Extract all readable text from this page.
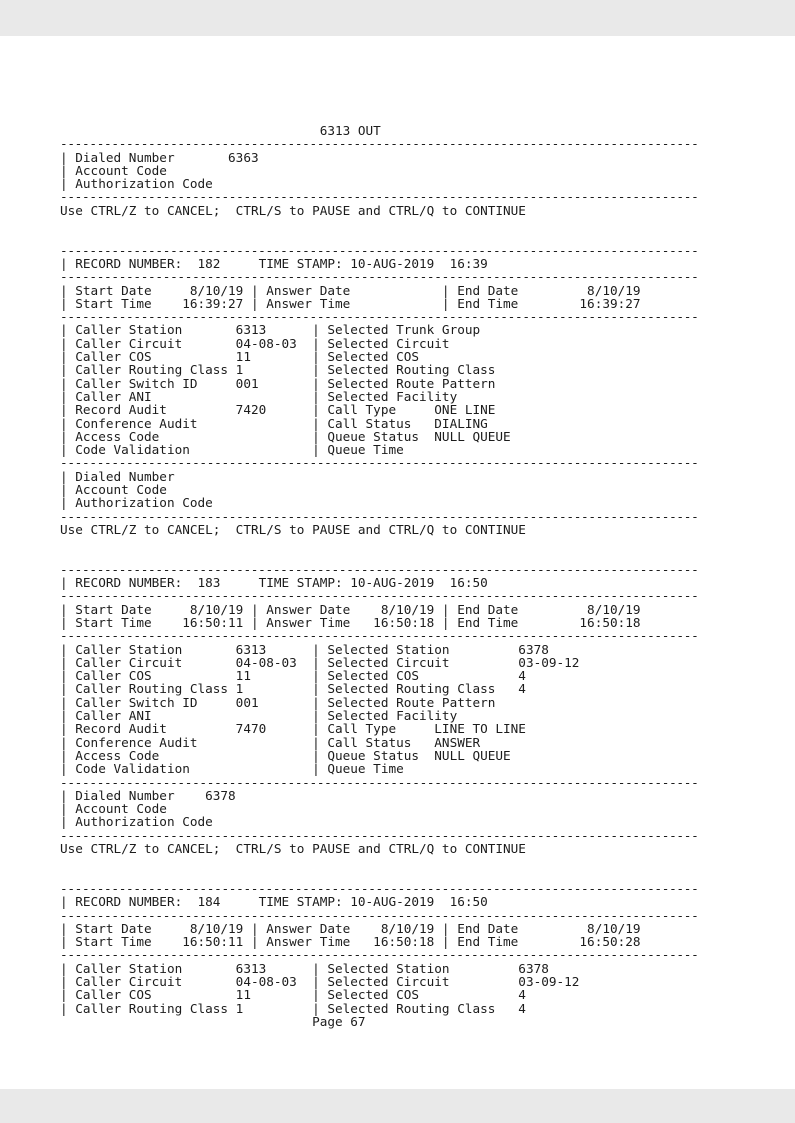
6313 OUT
-----
| Dialed Number       6363
| Account Code
| Authorization Code
-----
Use CTRL/Z to CANCEL;  CTRL/S to PAUSE and CTRL/Q to CONTINUE
-----
| RECORD NUMBER:  182     TIME STAMP: 10-AUG-2019  16:39
-----
| Start Date     8/10/19 | Answer Date            | End Date         8/10/19
| Start Time    16:39:27 | Answer Time            | End Time        16:39:27
-----
| Caller Station       6313      | Selected Trunk Group
| Caller Circuit       04-08-03  | Selected Circuit
| Caller COS           11        | Selected COS
| Caller Routing Class 1         | Selected Routing Class
| Caller Switch ID     001       | Selected Route Pattern
| Caller ANI                     | Selected Facility
| Record Audit         7420      | Call Type     ONE LINE
| Conference Audit               | Call Status   DIALING
| Access Code                    | Queue Status  NULL QUEUE
| Code Validation                | Queue Time
-----
| Dialed Number
| Account Code
| Authorization Code
-----
Use CTRL/Z to CANCEL;  CTRL/S to PAUSE and CTRL/Q to CONTINUE
-----
| RECORD NUMBER:  183     TIME STAMP: 10-AUG-2019  16:50
-----
| Start Date     8/10/19 | Answer Date    8/10/19 | End Date         8/10/19
| Start Time    16:50:11 | Answer Time   16:50:18 | End Time        16:50:18
-----
| Caller Station       6313      | Selected Station         6378
| Caller Circuit       04-08-03  | Selected Circuit         03-09-12
| Caller COS           11        | Selected COS             4
| Caller Routing Class 1         | Selected Routing Class   4
| Caller Switch ID     001       | Selected Route Pattern
| Caller ANI                     | Selected Facility
| Record Audit         7470      | Call Type     LINE TO LINE
| Conference Audit               | Call Status   ANSWER
| Access Code                    | Queue Status  NULL QUEUE
| Code Validation                | Queue Time
-----
| Dialed Number    6378
| Account Code
| Authorization Code
-----
Use CTRL/Z to CANCEL;  CTRL/S to PAUSE and CTRL/Q to CONTINUE
-----
| RECORD NUMBER:  184     TIME STAMP: 10-AUG-2019  16:50
-----
| Start Date     8/10/19 | Answer Date    8/10/19 | End Date         8/10/19
| Start Time    16:50:11 | Answer Time   16:50:18 | End Time        16:50:28
-----
| Caller Station       6313      | Selected Station         6378
| Caller Circuit       04-08-03  | Selected Circuit         03-09-12
| Caller COS           11        | Selected COS             4
| Caller Routing Class 1         | Selected Routing Class   4
Page 67
